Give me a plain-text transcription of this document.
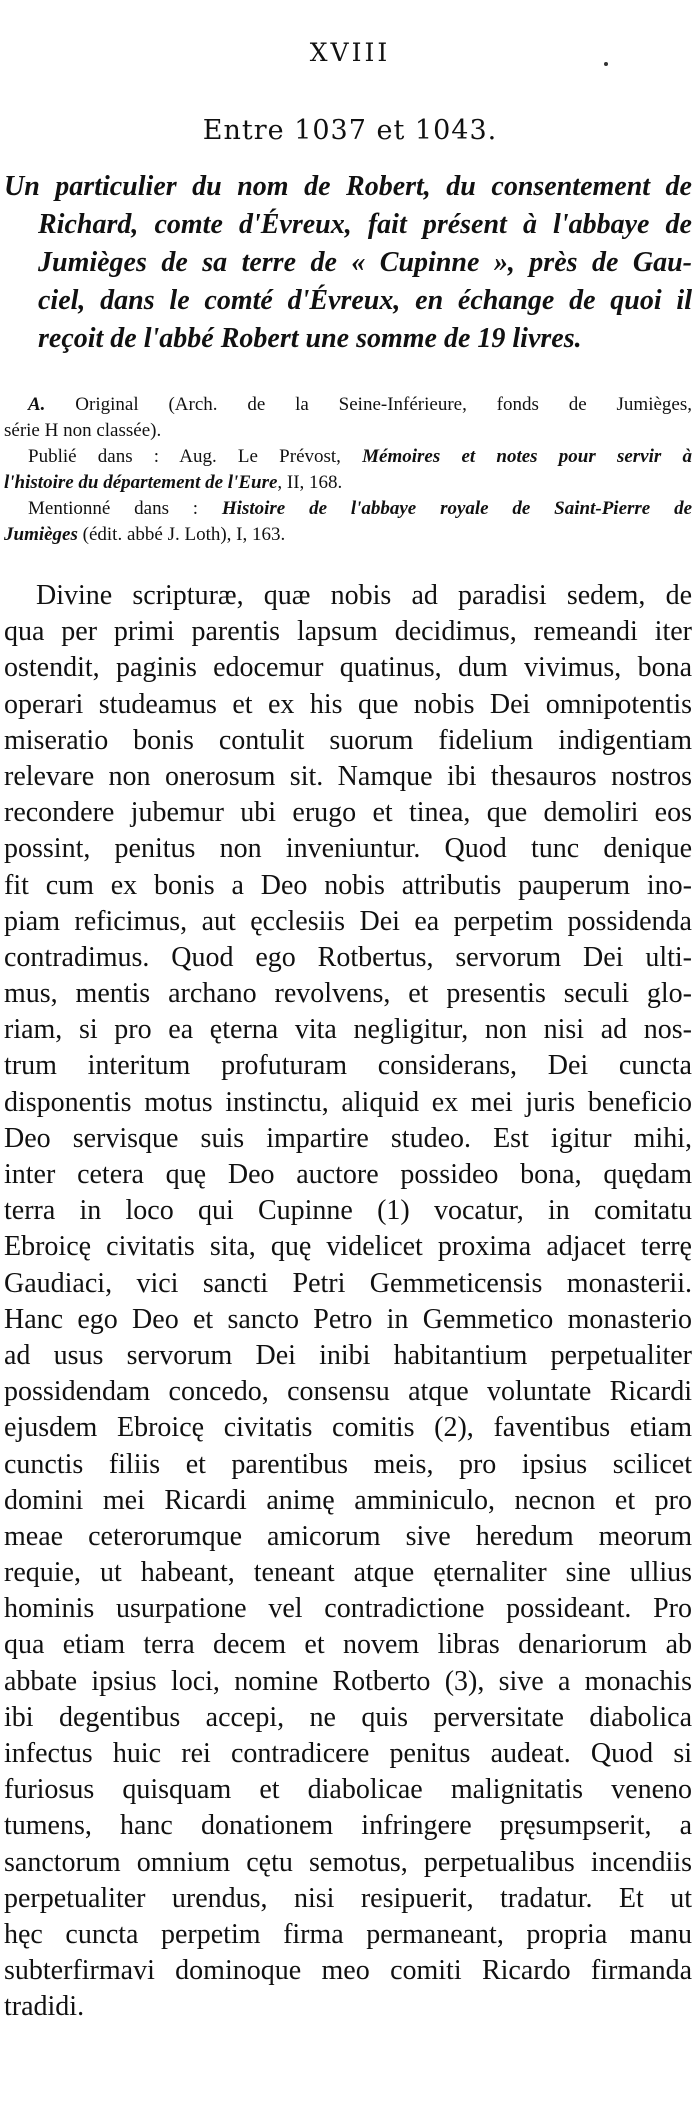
XVIII
Entre 1037 et 1043.
Un particulier du nom de Robert, du consentement de
Richard, comte d'Évreux, fait présent à l'abbaye de
Jumièges de sa terre de « Cupinne », près de Gau-
ciel, dans le comté d'Évreux, en échange de quoi il
reçoit de l'abbé Robert une somme de 19 livres.
A. Original (Arch. de la Seine-Inférieure, fonds de Jumièges,
série H non classée).
Publié dans : Aug. Le Prévost, Mémoires et notes pour servir à
l'histoire du département de l'Eure, II, 168.
Mentionné dans : Histoire de l'abbaye royale de Saint-Pierre de
Jumièges (édit. abbé J. Loth), I, 163.
Divine scripturæ, quæ nobis ad paradisi sedem, de
qua per primi parentis lapsum decidimus, remeandi iter
ostendit, paginis edocemur quatinus, dum vivimus, bona
operari studeamus et ex his que nobis Dei omnipotentis
miseratio bonis contulit suorum fidelium indigentiam
relevare non onerosum sit. Namque ibi thesauros nostros
recondere jubemur ubi erugo et tinea, que demoliri eos
possint, penitus non inveniuntur. Quod tunc denique
fit cum ex bonis a Deo nobis attributis pauperum ino-
piam reficimus, aut ęcclesiis Dei ea perpetim possidenda
contradimus. Quod ego Rotbertus, servorum Dei ulti-
mus, mentis archano revolvens, et presentis seculi glo-
riam, si pro ea ęterna vita negligitur, non nisi ad nos-
trum interitum profuturam considerans, Dei cuncta
disponentis motus instinctu, aliquid ex mei juris beneficio
Deo servisque suis impartire studeo. Est igitur mihi,
inter cetera quę Deo auctore possideo bona, quędam
terra in loco qui Cupinne (1) vocatur, in comitatu
Ebroicę civitatis sita, quę videlicet proxima adjacet terrę
Gaudiaci, vici sancti Petri Gemmeticensis monasterii.
Hanc ego Deo et sancto Petro in Gemmetico monasterio
ad usus servorum Dei inibi habitantium perpetualiter
possidendam concedo, consensu atque voluntate Ricardi
ejusdem Ebroicę civitatis comitis (2), faventibus etiam
cunctis filiis et parentibus meis, pro ipsius scilicet
domini mei Ricardi animę amminiculo, necnon et pro
meae ceterorumque amicorum sive heredum meorum
requie, ut habeant, teneant atque ęternaliter sine ullius
hominis usurpatione vel contradictione possideant. Pro
qua etiam terra decem et novem libras denariorum ab
abbate ipsius loci, nomine Rotberto (3), sive a monachis
ibi degentibus accepi, ne quis perversitate diabolica
infectus huic rei contradicere penitus audeat. Quod si
furiosus quisquam et diabolicae malignitatis veneno
tumens, hanc donationem infringere pręsumpserit, a
sanctorum omnium cętu semotus, perpetualibus incendiis
perpetualiter urendus, nisi resipuerit, tradatur. Et ut
hęc cuncta perpetim firma permaneant, propria manu
subterfirmavi dominoque meo comiti Ricardo firmanda
tradidi.
